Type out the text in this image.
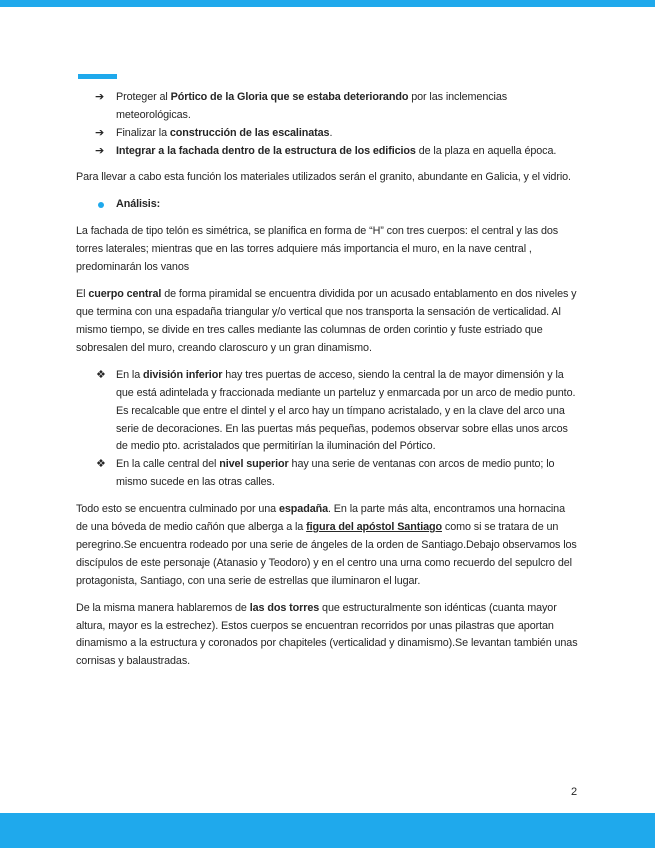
➔ Proteger al Pórtico de la Gloria que se estaba deteriorando por las inclemencias meteorológicas.
➔ Finalizar la construcción de las escalinatas.
➔ Integrar a la fachada dentro de la estructura de los edificios de la plaza en aquella época.

Para llevar a cabo esta función los materiales utilizados serán el granito, abundante en Galicia, y el vidrio.

Análisis:

La fachada de tipo telón es simétrica, se planifica en forma de “H” con tres cuerpos: el central y las dos torres laterales; mientras que en las torres adquiere más importancia el muro, en la nave central , predominarán los vanos

El cuerpo central de forma piramidal se encuentra dividida por un acusado entablamento en dos niveles y que termina con una espadaña triangular y/o vertical que nos transporta la sensación de verticalidad. Al mismo tiempo, se divide en tres calles mediante las columnas de orden corintio y fuste estriado que sobresalen del muro, creando claroscuro y un gran dinamismo.

❖ En la división inferior hay tres puertas de acceso, siendo la central la de mayor dimensión y la que está adintelada y fraccionada mediante un parteluz y enmarcada por un arco de medio punto. Es recalcable que entre el dintel y el arco hay un tímpano acristalado, y en la clave del arco una serie de decoraciones. En las puertas más pequeñas, podemos observar sobre ellas unos arcos de medio pto. acristalados que permitirían la iluminación del Pórtico.
❖ En la calle central del nivel superior hay una serie de ventanas con arcos de medio punto; lo mismo sucede en las otras calles.

Todo esto se encuentra culminado por una espadaña. En la parte más alta, encontramos una hornacina de una bóveda de medio cañón que alberga a la figura del apóstol Santiago como si se tratara de un peregrino.Se encuentra rodeado por una serie de ángeles de la orden de Santiago.Debajo observamos los discípulos de este personaje (Atanasio y Teodoro) y en el centro una urna como recuerdo del sepulcro del protagonista, Santiago, con una serie de estrellas que iluminaron el lugar.

De la misma manera hablaremos de las dos torres que estructuralmente son idénticas (cuanta mayor altura, mayor es la estrechez). Estos cuerpos se encuentran recorridos por unas pilastras que aportan dinamismo a la estructura y coronados por chapiteles (verticalidad y dinamismo).Se levantan también unas cornisas y balaustradas.

2
